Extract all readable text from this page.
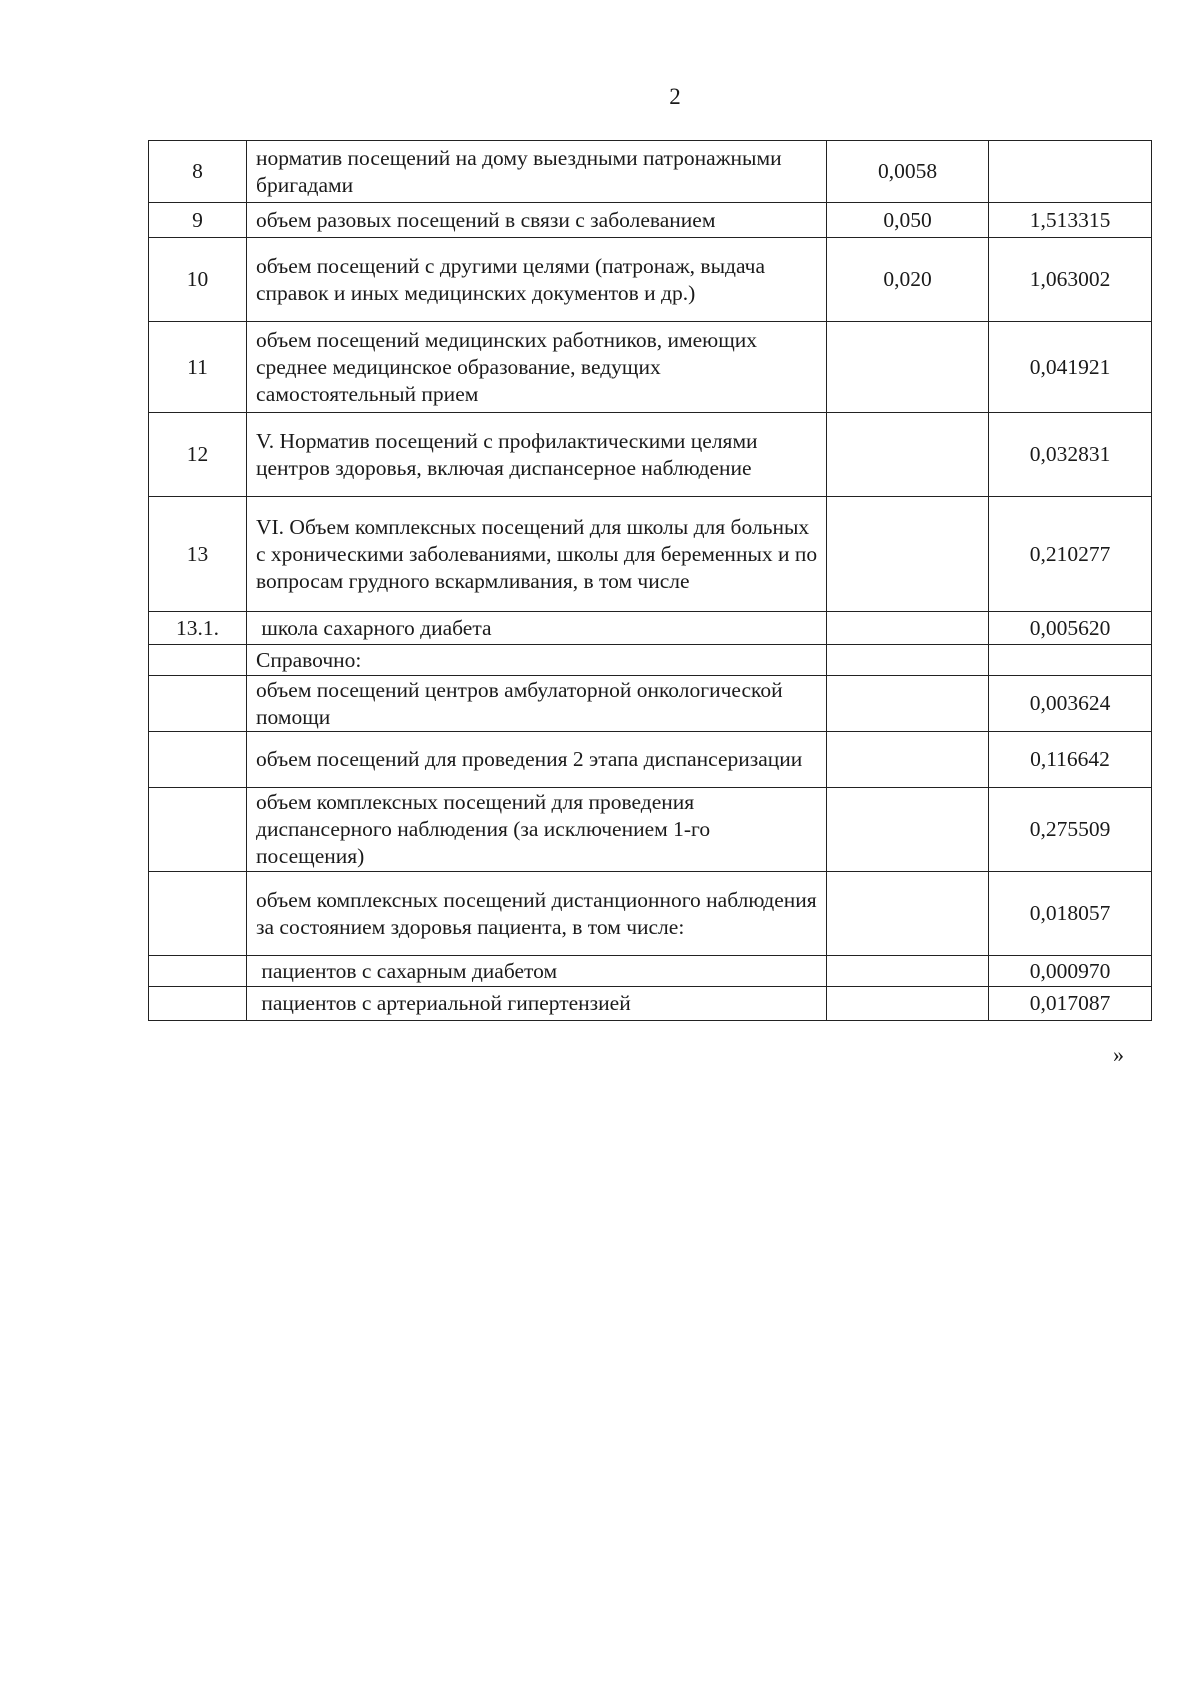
2
8	норматив посещений на дому выездными патронажными бригадами	0,0058	
9	объем разовых посещений в связи с заболеванием	0,050	1,513315
10	объем посещений с другими целями (патронаж, выдача справок и иных медицинских документов и др.)	0,020	1,063002
11	объем посещений медицинских работников, имеющих среднее медицинское образование, ведущих самостоятельный прием		0,041921
12	V. Норматив посещений с профилактическими целями центров здоровья, включая диспансерное наблюдение		0,032831
13	VI. Объем комплексных посещений для школы для больных с хроническими заболеваниями, школы для беременных и по вопросам грудного вскармливания, в том числе		0,210277
13.1.	школа сахарного диабета		0,005620
	Справочно:		
	объем посещений центров амбулаторной онкологической помощи		0,003624
	объем посещений для проведения 2 этапа диспансеризации		0,116642
	объем комплексных посещений для проведения диспансерного наблюдения (за исключением 1-го посещения)		0,275509
	объем комплексных посещений дистанционного наблюдения за состоянием здоровья пациента, в том числе:		0,018057
	пациентов с сахарным диабетом		0,000970
	пациентов с артериальной гипертензией		0,017087
»
